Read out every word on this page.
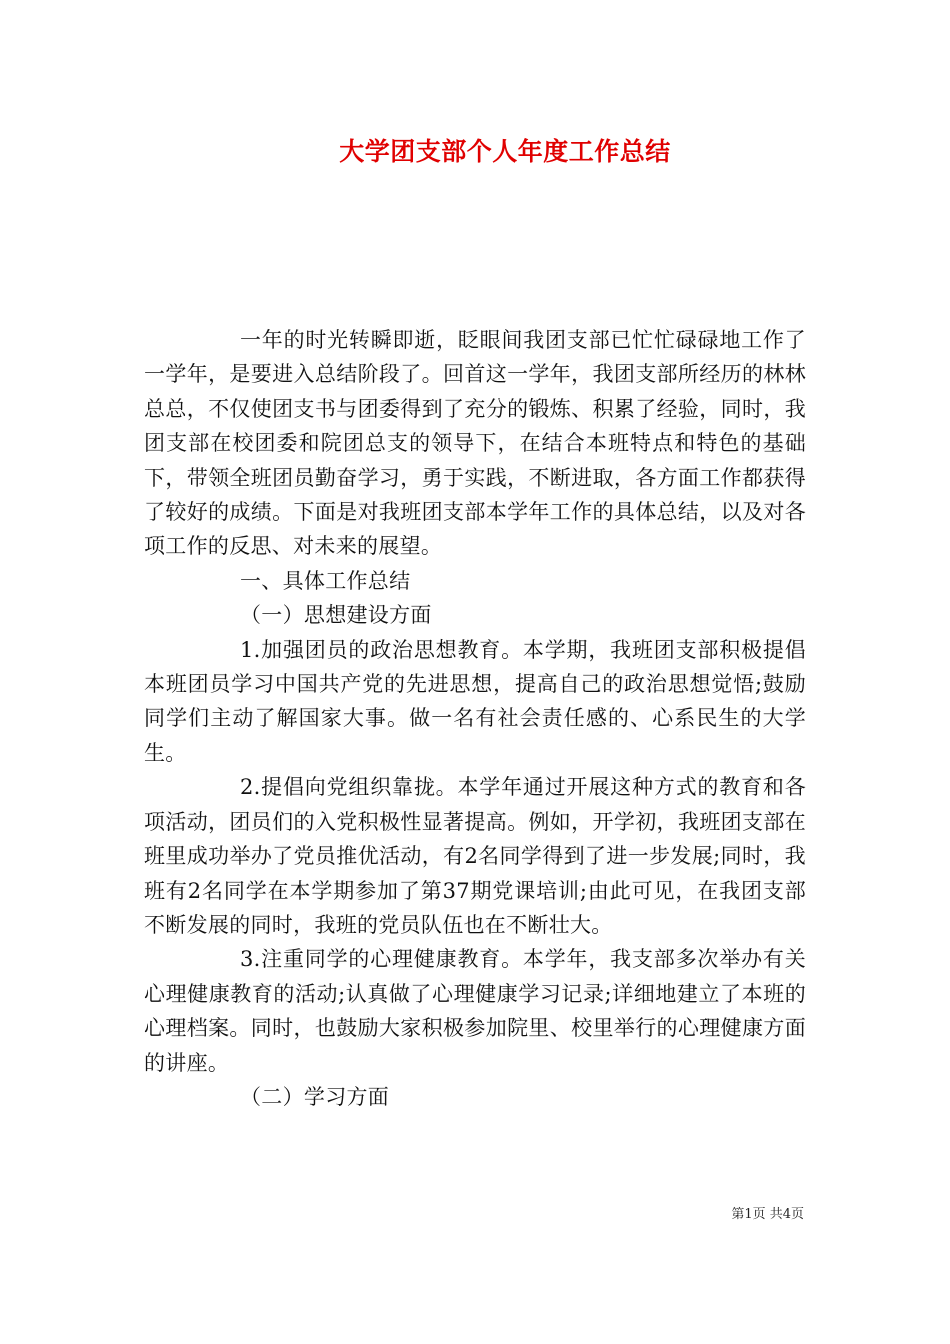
大学团支部个人年度工作总结

一年的时光转瞬即逝，眨眼间我团支部已忙忙碌碌地工作了一学年，是要进入总结阶段了。回首这一学年，我团支部所经历的林林总总，不仅使团支书与团委得到了充分的锻炼、积累了经验，同时，我团支部在校团委和院团总支的领导下，在结合本班特点和特色的基础下，带领全班团员勤奋学习，勇于实践，不断进取，各方面工作都获得了较好的成绩。下面是对我班团支部本学年工作的具体总结，以及对各项工作的反思、对未来的展望。

一、具体工作总结

（一）思想建设方面

1.加强团员的政治思想教育。本学期，我班团支部积极提倡本班团员学习中国共产党的先进思想，提高自己的政治思想觉悟;鼓励同学们主动了解国家大事。做一名有社会责任感的、心系民生的大学生。

2.提倡向党组织靠拢。本学年通过开展这种方式的教育和各项活动，团员们的入党积极性显著提高。例如，开学初，我班团支部在班里成功举办了党员推优活动，有2名同学得到了进一步发展;同时，我班有2名同学在本学期参加了第37期党课培训;由此可见，在我团支部不断发展的同时，我班的党员队伍也在不断壮大。

3.注重同学的心理健康教育。本学年，我支部多次举办有关心理健康教育的活动;认真做了心理健康学习记录;详细地建立了本班的心理档案。同时，也鼓励大家积极参加院里、校里举行的心理健康方面的讲座。

（二）学习方面

第1页 共4页
